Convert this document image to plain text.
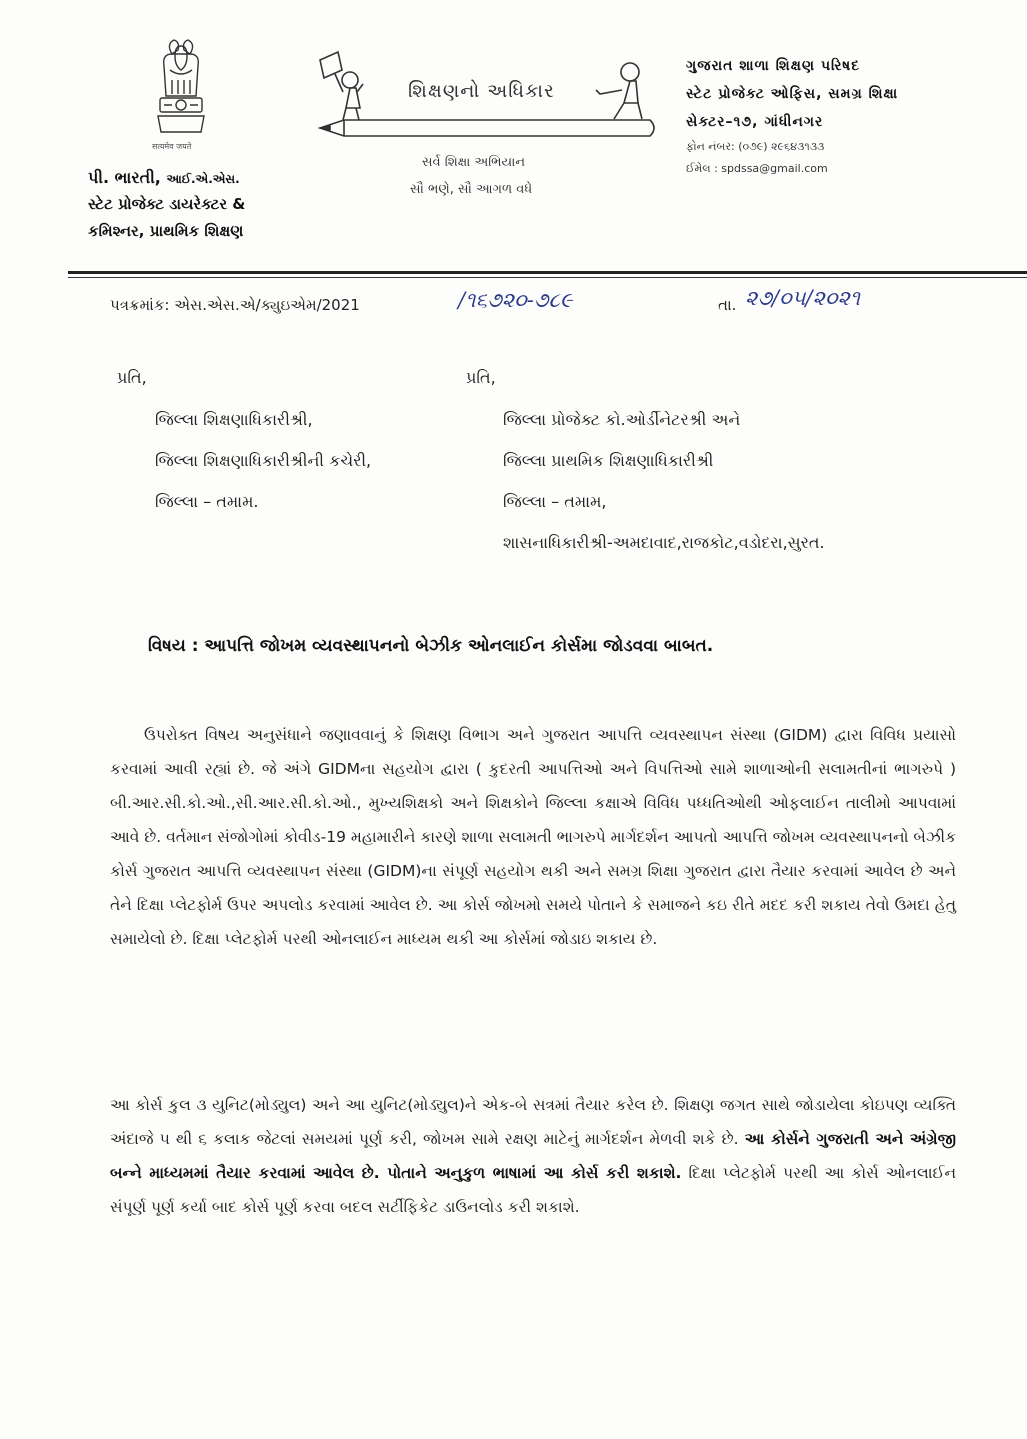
सत्यमेव जयते
પી. ભારતી, આઈ.એ.એસ.
સ્ટેટ પ્રોજેક્ટ ડાયરેક્ટર &
કમિશ્નર, પ્રાથમિક શિક્ષણ
શિક્ષણનો અધિકાર
સર્વ શિક્ષા અભિયાન
સૌ ભણે, સૌ આગળ વધે
ગુજરાત શાળા શિક્ષણ પરિષદ
સ્ટેટ પ્રોજેક્ટ ઓફિસ, સમગ્ર શિક્ષા
સેક્ટર–૧૭, ગાંધીનગર
ફોન નંબર: (૦૭૯) ૨૯૬૪૩૧૩૩
ઈમેલ : spdssa@gmail.com
પત્રક્રમાંક: એસ.એસ.એ/ક્યુઇએમ/2021	/૧૬૭૨૦-૭૮૯	તા. ૨૭/૦૫/૨૦૨૧
પ્રતિ,
જિલ્લા શિક્ષણાધિકારીશ્રી,
જિલ્લા શિક્ષણાધિકારીશ્રીની કચેરી,
જિલ્લા – તમામ.
પ્રતિ,
જિલ્લા પ્રોજેક્ટ કો.ઓર્ડીનેટરશ્રી અને
જિલ્લા પ્રાથમિક શિક્ષણાધિકારીશ્રી
જિલ્લા – તમામ,
શાસનાધિકારીશ્રી-અમદાવાદ,રાજકોટ,વડોદરા,સુરત.
વિષય : આપત્તિ જોખમ વ્યવસ્થાપનનો બેઝીક ઓનલાઈન કોર્સમા જોડવવા બાબત.
ઉપરોક્ત વિષય અનુસંધાને જણાવવાનું કે શિક્ષણ વિભાગ અને ગુજરાત આપત્તિ વ્યવસ્થાપન સંસ્થા (GIDM) દ્વારા વિવિધ પ્રયાસો કરવામાં આવી રહ્યાં છે. જે અંગે GIDMના સહયોગ દ્વારા ( કુદરતી આપત્તિઓ અને વિપત્તિઓ સામે શાળાઓની સલામતીનાં ભાગરુપે ) બી.આર.સી.કો.ઓ.,સી.આર.સી.કો.ઓ., મુખ્યશિક્ષકો અને શિક્ષકોને જિલ્લા કક્ષાએ વિવિધ પધ્ધતિઓથી ઓફલાઈન તાલીમો આપવામાં આવે છે. વર્તમાન સંજોગોમાં કોવીડ-19 મહામારીને કારણે શાળા સલામતી ભાગરુપે માર્ગદર્શન આપતો આપત્તિ જોખમ વ્યવસ્થાપનનો બેઝીક કોર્સ ગુજરાત આપત્તિ વ્યવસ્થાપન સંસ્થા (GIDM)ના સંપૂર્ણ સહયોગ થકી અને સમગ્ર શિક્ષા ગુજરાત દ્વારા તૈયાર કરવામાં આવેલ છે અને તેને દિક્ષા પ્લેટફોર્મ ઉપર અપલોડ કરવામાં આવેલ છે. આ કોર્સ જોખમો સમયે પોતાને કે સમાજને કઇ રીતે મદદ કરી શકાય તેવો ઉમદા હેતુ સમાયેલો છે. દિક્ષા પ્લેટફોર્મ પરથી ઓનલાઈન માધ્યમ થકી આ કોર્સમાં જોડાઇ શકાય છે.
આ કોર્સ કુલ ૩ યુનિટ(મોડ્યુલ) અને આ યુનિટ(મોડ્યુલ)ને એક-બે સત્રમાં તૈયાર કરેલ છે. શિક્ષણ જગત સાથે જોડાયેલા કોઇપણ વ્યક્તિ અંદાજે ૫ થી ૬ કલાક જેટલાં સમયમાં પૂર્ણ કરી, જોખમ સામે રક્ષણ માટેનું માર્ગદર્શન મેળવી શકે છે. આ કોર્સને ગુજરાતી અને અંગ્રેજી બન્ને માધ્યમમાં તૈયાર કરવામાં આવેલ છે. પોતાને અનુકુળ ભાષામાં આ કોર્સ કરી શકાશે. દિક્ષા પ્લેટફોર્મ પરથી આ કોર્સ ઓનલાઈન સંપૂર્ણ પૂર્ણ કર્યા બાદ કોર્સ પૂર્ણ કરવા બદલ સર્ટીફિકેટ ડાઉનલોડ કરી શકાશે.
